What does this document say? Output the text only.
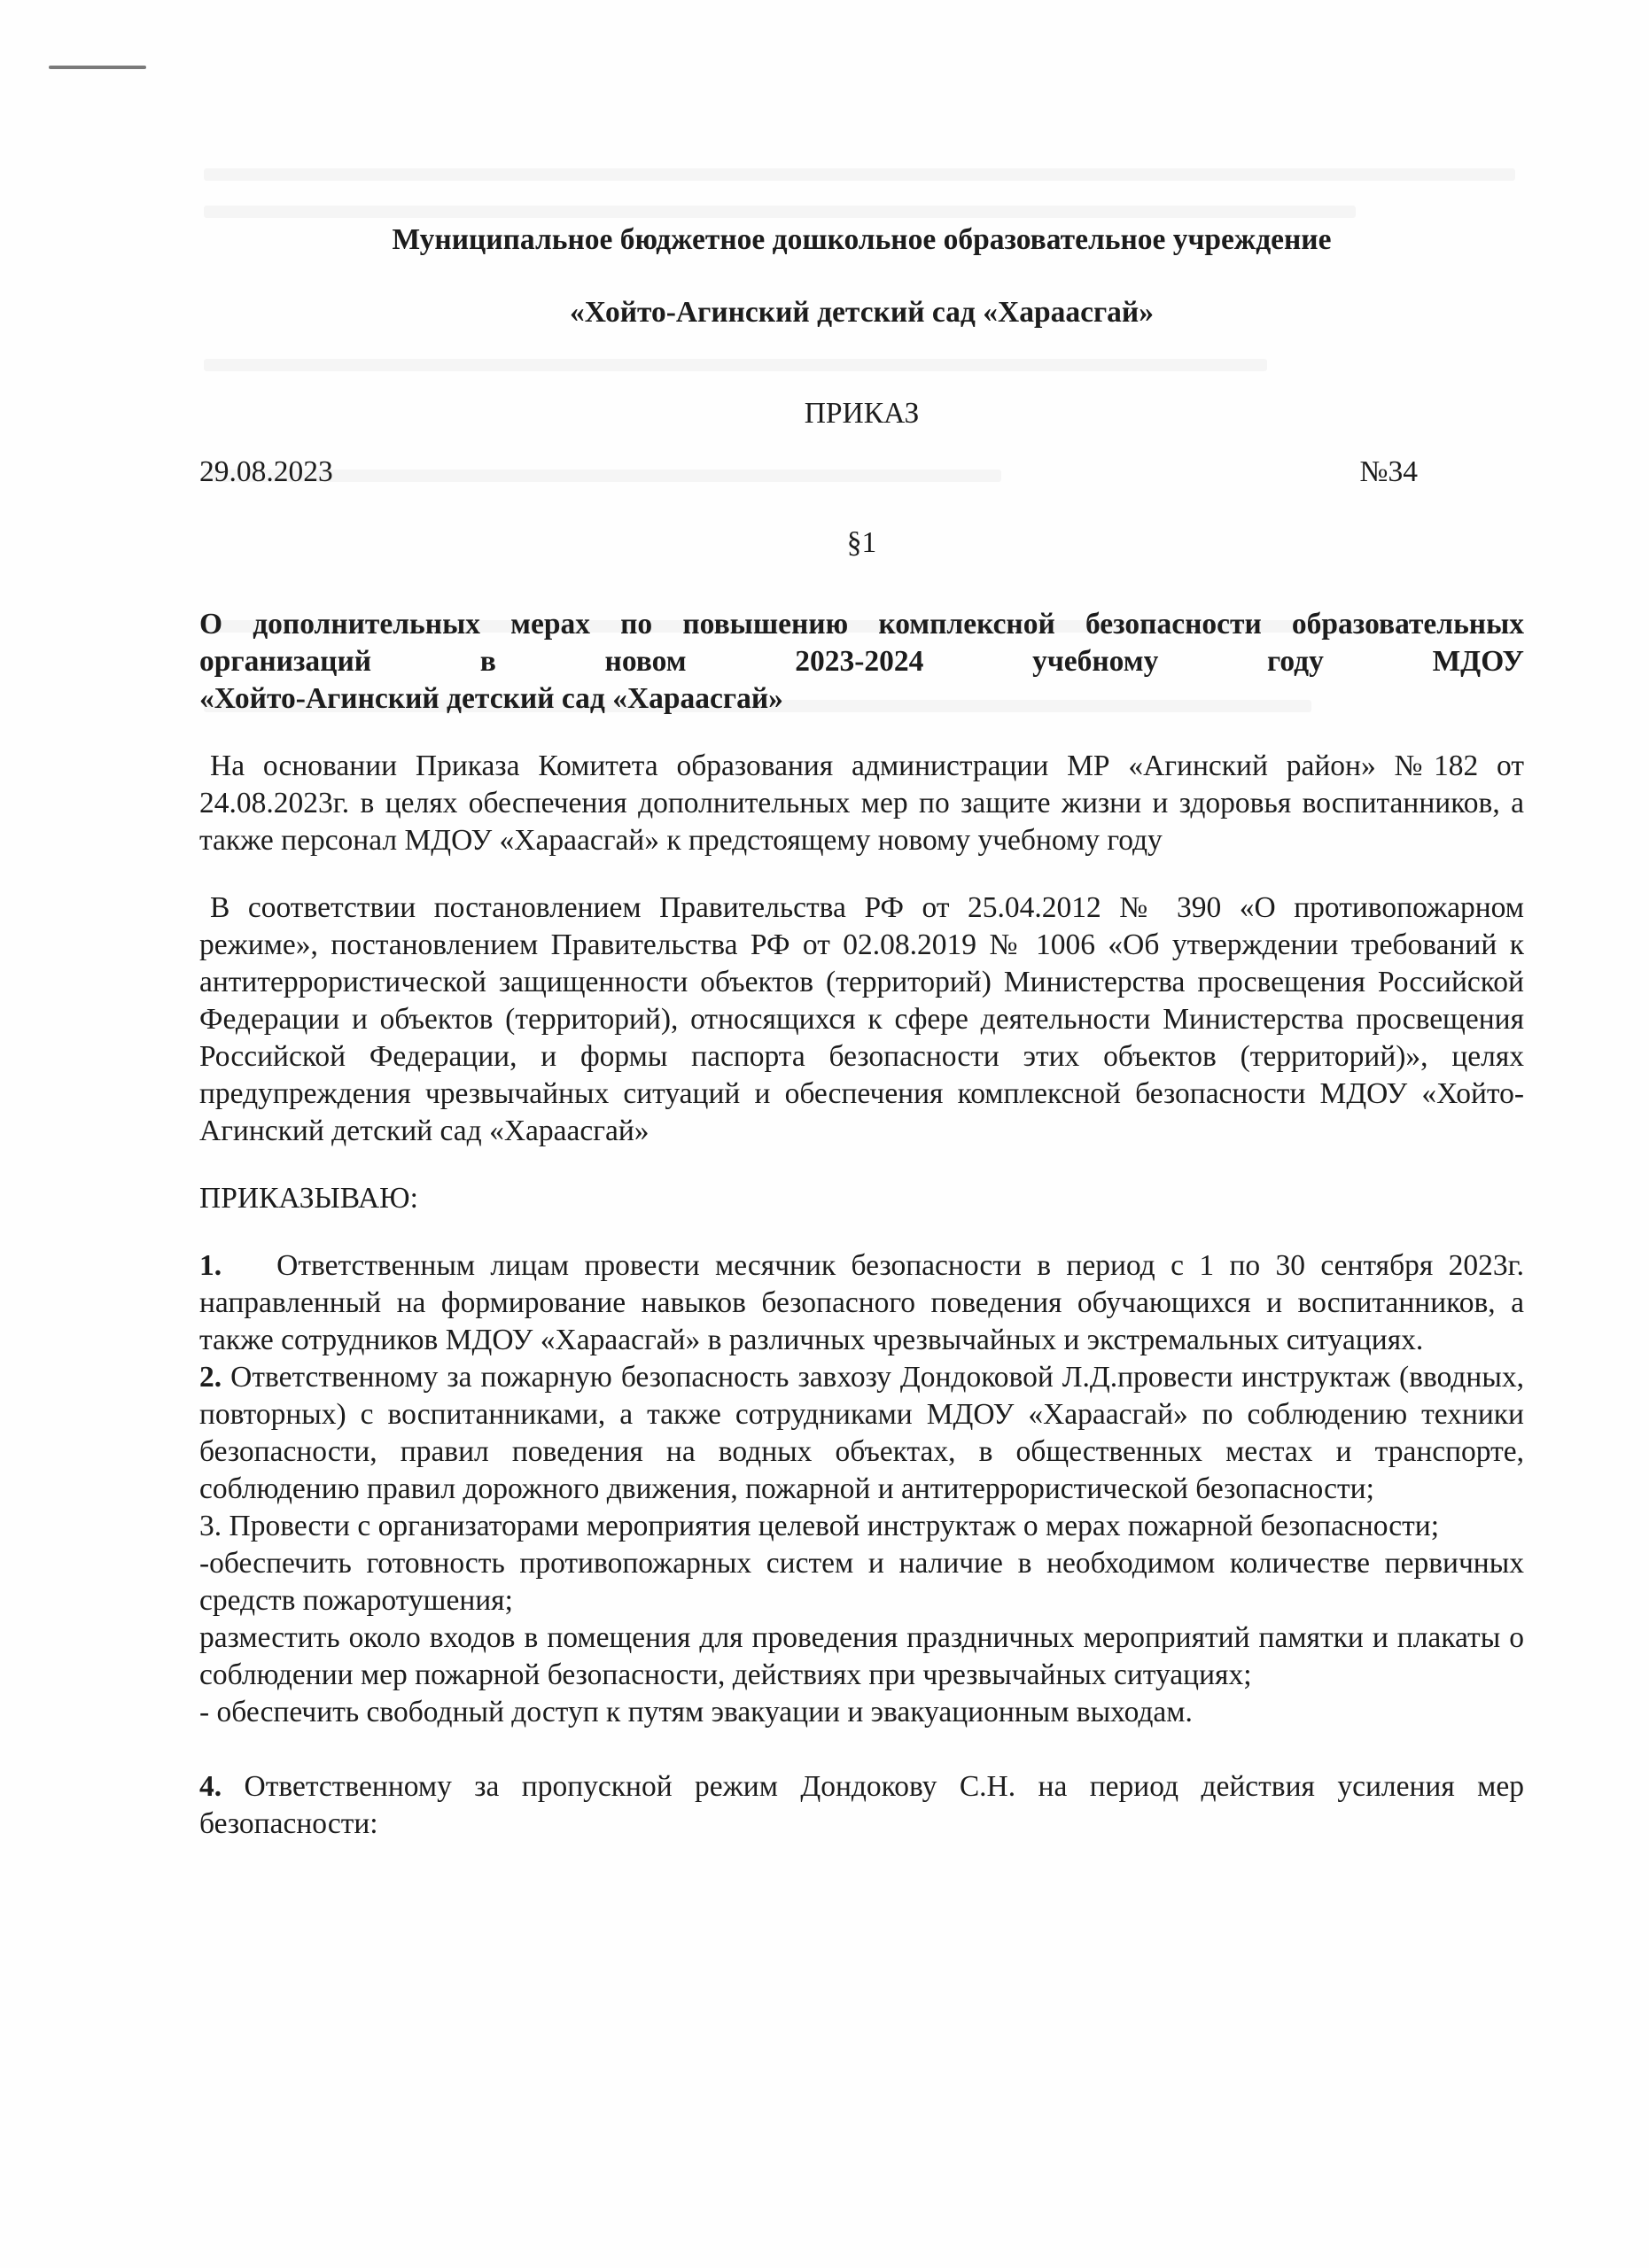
Муниципальное бюджетное дошкольное образовательное учреждение

«Хойто-Агинский детский сад «Хараасгай»

ПРИКАЗ

29.08.2023	№34

§1

О дополнительных мерах по повышению комплексной безопасности образовательных

организаций в новом 2023-2024 учебному году МДОУ

«Хойто-Агинский детский сад «Хараасгай»

На основании Приказа Комитета образования администрации МР «Агинский район» №182 от 24.08.2023г. в целях обеспечения дополнительных мер по защите жизни и здоровья воспитанников, а также персонал МДОУ «Хараасгай» к предстоящему новому учебному году

В соответствии постановлением Правительства РФ от 25.04.2012 № 390 «О противопожарном режиме», постановлением Правительства РФ от 02.08.2019 № 1006 «Об утверждении требований к антитеррористической защищенности объектов (территорий) Министерства просвещения Российской Федерации и объектов (территорий), относящихся к сфере деятельности Министерства просвещения Российской Федерации, и формы паспорта безопасности этих объектов (территорий)», целях предупреждения чрезвычайных ситуаций и обеспечения комплексной безопасности МДОУ «Хойто-Агинский детский сад «Хараасгай»

ПРИКАЗЫВАЮ:

1. Ответственным лицам провести месячник безопасности в период с 1 по 30 сентября 2023г. направленный на формирование навыков безопасного поведения обучающихся и воспитанников, а также сотрудников МДОУ «Хараасгай» в различных чрезвычайных и экстремальных ситуациях.

2. Ответственному за пожарную безопасность завхозу Дондоковой Л.Д.провести инструктаж (вводных, повторных) с воспитанниками, а также сотрудниками МДОУ «Хараасгай» по соблюдению техники безопасности, правил поведения на водных объектах, в общественных местах и транспорте, соблюдению правил дорожного движения, пожарной и антитеррористической безопасности;

3. Провести с организаторами мероприятия целевой инструктаж о мерах пожарной безопасности;

-обеспечить готовность противопожарных систем и наличие в необходимом количестве первичных средств пожаротушения;

разместить около входов в помещения для проведения праздничных мероприятий памятки и плакаты о соблюдении мер пожарной безопасности, действиях при чрезвычайных ситуациях;

- обеспечить свободный доступ к путям эвакуации и эвакуационным выходам.

4. Ответственному за пропускной режим Дондокову С.Н. на период действия усиления мер безопасности:
